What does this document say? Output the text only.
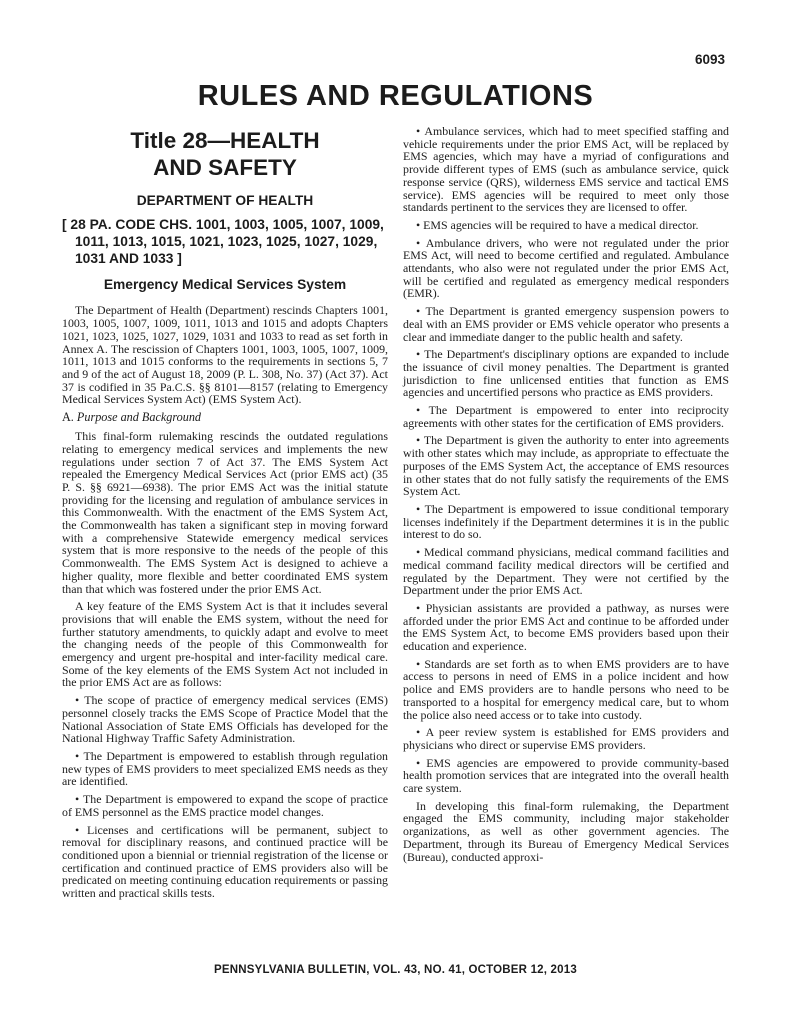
6093
RULES AND REGULATIONS
Title 28—HEALTH
AND SAFETY
DEPARTMENT OF HEALTH
[ 28 PA. CODE CHS. 1001, 1003, 1005, 1007, 1009, 1011, 1013, 1015, 1021, 1023, 1025, 1027, 1029, 1031 AND 1033 ]
Emergency Medical Services System

The Department of Health (Department) rescinds Chapters 1001, 1003, 1005, 1007, 1009, 1011, 1013 and 1015 and adopts Chapters 1021, 1023, 1025, 1027, 1029, 1031 and 1033 to read as set forth in Annex A. The rescission of Chapters 1001, 1003, 1005, 1007, 1009, 1011, 1013 and 1015 conforms to the requirements in sections 5, 7 and 9 of the act of August 18, 2009 (P. L. 308, No. 37) (Act 37). Act 37 is codified in 35 Pa.C.S. §§ 8101—8157 (relating to Emergency Medical Services System Act) (EMS System Act).

A. Purpose and Background

This final-form rulemaking rescinds the outdated regulations relating to emergency medical services and implements the new regulations under section 7 of Act 37. The EMS System Act repealed the Emergency Medical Services Act (prior EMS act) (35 P. S. §§ 6921—6938). The prior EMS Act was the initial statute providing for the licensing and regulation of ambulance services in this Commonwealth. With the enactment of the EMS System Act, the Commonwealth has taken a significant step in moving forward with a comprehensive Statewide emergency medical services system that is more responsive to the needs of the people of this Commonwealth. The EMS System Act is designed to achieve a higher quality, more flexible and better coordinated EMS system than that which was fostered under the prior EMS Act.

A key feature of the EMS System Act is that it includes several provisions that will enable the EMS system, without the need for further statutory amendments, to quickly adapt and evolve to meet the changing needs of the people of this Commonwealth for emergency and urgent pre-hospital and inter-facility medical care. Some of the key elements of the EMS System Act not included in the prior EMS Act are as follows:

• The scope of practice of emergency medical services (EMS) personnel closely tracks the EMS Scope of Practice Model that the National Association of State EMS Officials has developed for the National Highway Traffic Safety Administration.

• The Department is empowered to establish through regulation new types of EMS providers to meet specialized EMS needs as they are identified.

• The Department is empowered to expand the scope of practice of EMS personnel as the EMS practice model changes.

• Licenses and certifications will be permanent, subject to removal for disciplinary reasons, and continued practice will be conditioned upon a biennial or triennial registration of the license or certification and continued practice of EMS providers also will be predicated on meeting continuing education requirements or passing written and practical skills tests.

• Ambulance services, which had to meet specified staffing and vehicle requirements under the prior EMS Act, will be replaced by EMS agencies, which may have a myriad of configurations and provide different types of EMS (such as ambulance service, quick response service (QRS), wilderness EMS service and tactical EMS service). EMS agencies will be required to meet only those standards pertinent to the services they are licensed to offer.

• EMS agencies will be required to have a medical director.

• Ambulance drivers, who were not regulated under the prior EMS Act, will need to become certified and regulated. Ambulance attendants, who also were not regulated under the prior EMS Act, will be certified and regulated as emergency medical responders (EMR).

• The Department is granted emergency suspension powers to deal with an EMS provider or EMS vehicle operator who presents a clear and immediate danger to the public health and safety.

• The Department's disciplinary options are expanded to include the issuance of civil money penalties. The Department is granted jurisdiction to fine unlicensed entities that function as EMS agencies and uncertified persons who practice as EMS providers.

• The Department is empowered to enter into reciprocity agreements with other states for the certification of EMS providers.

• The Department is given the authority to enter into agreements with other states which may include, as appropriate to effectuate the purposes of the EMS System Act, the acceptance of EMS resources in other states that do not fully satisfy the requirements of the EMS System Act.

• The Department is empowered to issue conditional temporary licenses indefinitely if the Department determines it is in the public interest to do so.

• Medical command physicians, medical command facilities and medical command facility medical directors will be certified and regulated by the Department. They were not certified by the Department under the prior EMS Act.

• Physician assistants are provided a pathway, as nurses were afforded under the prior EMS Act and continue to be afforded under the EMS System Act, to become EMS providers based upon their education and experience.

• Standards are set forth as to when EMS providers are to have access to persons in need of EMS in a police incident and how police and EMS providers are to handle persons who need to be transported to a hospital for emergency medical care, but to whom the police also need access or to take into custody.

• A peer review system is established for EMS providers and physicians who direct or supervise EMS providers.

• EMS agencies are empowered to provide community-based health promotion services that are integrated into the overall health care system.

In developing this final-form rulemaking, the Department engaged the EMS community, including major stakeholder organizations, as well as other government agencies. The Department, through its Bureau of Emergency Medical Services (Bureau), conducted approxi-

PENNSYLVANIA BULLETIN, VOL. 43, NO. 41, OCTOBER 12, 2013
